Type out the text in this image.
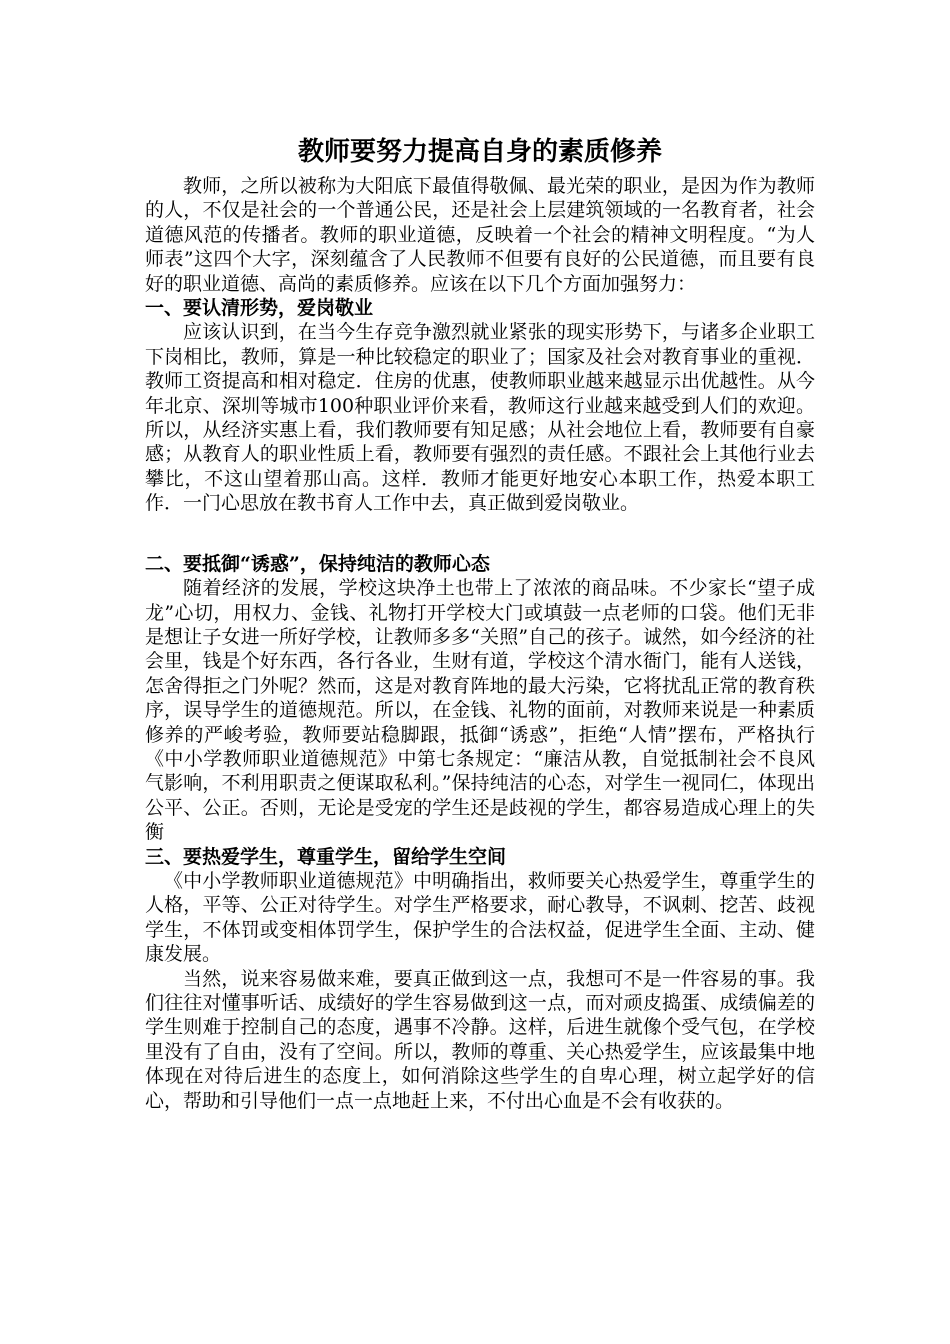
教师要努力提高自身的素质修养

教师，之所以被称为大阳底下最值得敬佩、最光荣的职业，是因为作为教师的人，不仅是社会的一个普通公民，还是社会上层建筑领域的一名教育者，社会道德风范的传播者。教师的职业道德，反映着一个社会的精神文明程度。“为人师表”这四个大字，深刻蕴含了人民教师不但要有良好的公民道德，而且要有良好的职业道德、高尚的素质修养。应该在以下几个方面加强努力：

一、要认清形势，爱岗敬业

应该认识到，在当今生存竞争激烈就业紧张的现实形势下，与诸多企业职工下岗相比，教师，算是一种比较稳定的职业了；国家及社会对教育事业的重视．教师工资提高和相对稳定．住房的优惠，使教师职业越来越显示出优越性。从今年北京、深圳等城市100种职业评价来看，教师这行业越来越受到人们的欢迎。所以，从经济实惠上看，我们教师要有知足感；从社会地位上看，教师要有自豪感；从教育人的职业性质上看，教师要有强烈的责任感。不跟社会上其他行业去攀比，不这山望着那山高。这样．教师才能更好地安心本职工作，热爱本职工作．一门心思放在教书育人工作中去，真正做到爱岗敬业。

二、要抵御“诱惑”，保持纯洁的教师心态

随着经济的发展，学校这块净土也带上了浓浓的商品味。不少家长“望子成龙”心切，用权力、金钱、礼物打开学校大门或填鼓一点老师的口袋。他们无非是想让子女进一所好学校，让教师多多“关照”自己的孩子。诚然，如今经济的社会里，钱是个好东西，各行各业，生财有道，学校这个清水衙门，能有人送钱，怎舍得拒之门外呢？然而，这是对教育阵地的最大污染，它将扰乱正常的教育秩序，误导学生的道德规范。所以，在金钱、礼物的面前，对教师来说是一种素质修养的严峻考验，教师要站稳脚跟，抵御“诱惑”，拒绝“人情”摆布，严格执行《中小学教师职业道德规范》中第七条规定：“廉洁从教，自觉抵制社会不良风气影响，不利用职责之便谋取私利。”保持纯洁的心态，对学生一视同仁，体现出公平、公正。否则，无论是受宠的学生还是歧视的学生，都容易造成心理上的失衡

三、要热爱学生，尊重学生，留给学生空间

《中小学教师职业道德规范》中明确指出，救师要关心热爱学生，尊重学生的人格，平等、公正对待学生。对学生严格要求，耐心教导，不讽刺、挖苦、歧视学生，不体罚或变相体罚学生，保护学生的合法权益，促进学生全面、主动、健康发展。

当然，说来容易做来难，要真正做到这一点，我想可不是一件容易的事。我们往往对懂事听话、成绩好的学生容易做到这一点，而对顽皮捣蛋、成绩偏差的学生则难于控制自己的态度，遇事不冷静。这样，后进生就像个受气包，在学校里没有了自由，没有了空间。所以，教师的尊重、关心热爱学生，应该最集中地体现在对待后进生的态度上，如何消除这些学生的自卑心理，树立起学好的信心，帮助和引导他们一点一点地赶上来，不付出心血是不会有收获的。
